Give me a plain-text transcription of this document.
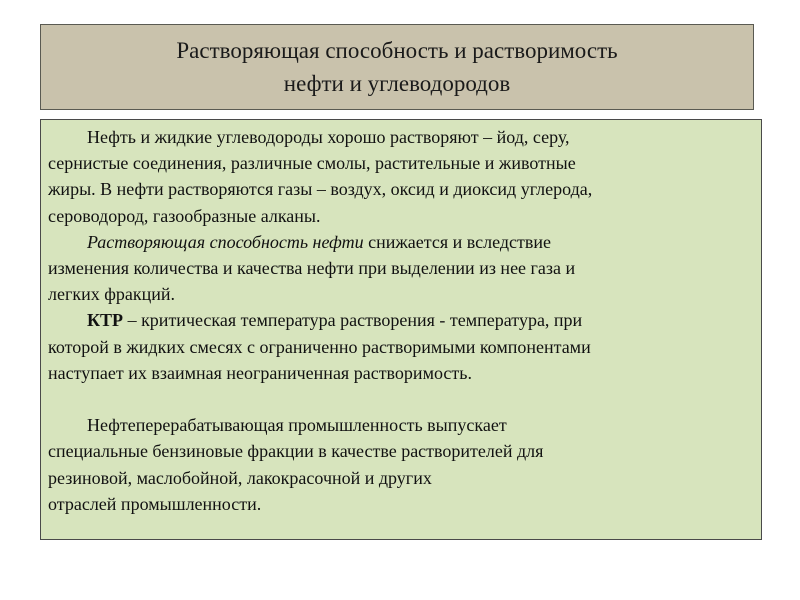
Растворяющая способность и растворимость
нефти и углеводородов
Нефть и жидкие углеводороды хорошо растворяют – йод, серу,
сернистые соединения, различные смолы, растительные и животные
жиры. В нефти растворяются газы – воздух, оксид и диоксид углерода,
сероводород, газообразные алканы.
Растворяющая способность нефти снижается и вследствие
изменения количества и качества нефти при выделении из нее газа и
легких фракций.
КТР – критическая температура растворения - температура, при
которой в жидких смесях с ограниченно растворимыми компонентами
наступает их взаимная неограниченная растворимость.
Нефтеперерабатывающая промышленность выпускает
специальные бензиновые фракции в качестве растворителей для
резиновой, маслобойной, лакокрасочной и других
отраслей промышленности.
